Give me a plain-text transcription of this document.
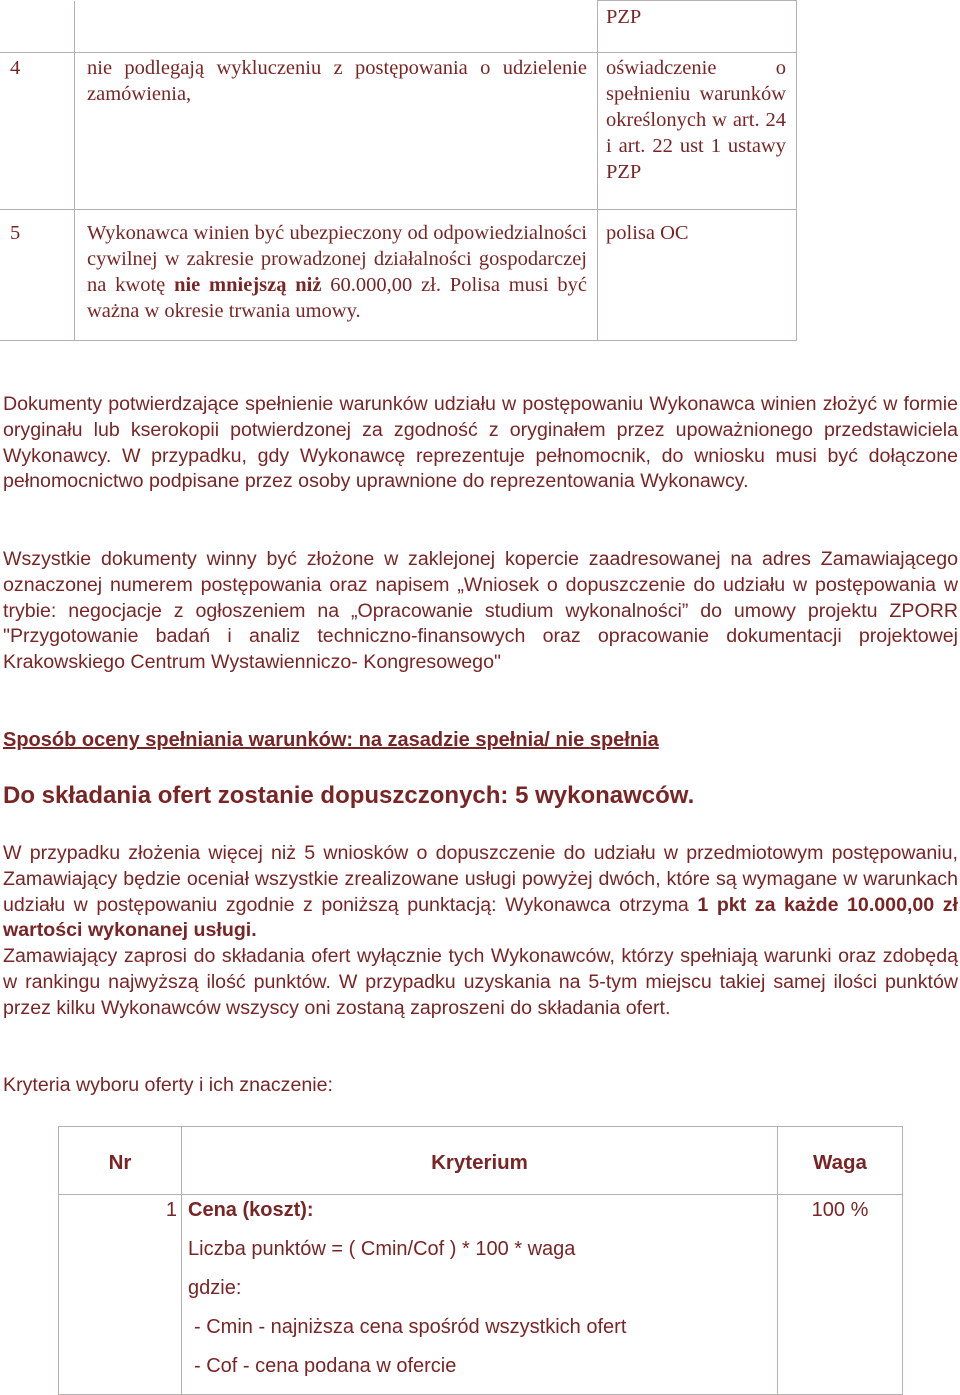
		PZP
4	nie podlegają wykluczeniu z postępowania o udzielenie zamówienia,	oświadczenie o spełnieniu warunków określonych w art. 24 i art. 22 ust 1 ustawy PZP
5	Wykonawca winien być ubezpieczony od odpowiedzialności cywilnej w zakresie prowadzonej działalności gospodarczej na kwotę nie mniejszą niż 60.000,00 zł. Polisa musi być ważna w okresie trwania umowy.	polisa OC

Dokumenty potwierdzające spełnienie warunków udziału w postępowaniu Wykonawca winien złożyć w formie oryginału lub kserokopii potwierdzonej za zgodność z oryginałem przez upoważnionego przedstawiciela Wykonawcy. W przypadku, gdy Wykonawcę reprezentuje pełnomocnik, do wniosku musi być dołączone pełnomocnictwo podpisane przez osoby uprawnione do reprezentowania Wykonawcy.

Wszystkie dokumenty winny być złożone w zaklejonej kopercie zaadresowanej na adres Zamawiającego oznaczonej numerem postępowania oraz napisem „Wniosek o dopuszczenie do udziału w postępowania w trybie: negocjacje z ogłoszeniem na „Opracowanie studium wykonalności” do umowy projektu ZPORR "Przygotowanie badań i analiz techniczno-finansowych oraz opracowanie dokumentacji projektowej Krakowskiego Centrum Wystawienniczo- Kongresowego"

Sposób oceny spełniania warunków: na zasadzie spełnia/ nie spełnia

Do składania ofert zostanie dopuszczonych: 5 wykonawców.

W przypadku złożenia więcej niż 5 wniosków o dopuszczenie do udziału w przedmiotowym postępowaniu, Zamawiający będzie oceniał wszystkie zrealizowane usługi powyżej dwóch, które są wymagane w warunkach udziału w postępowaniu zgodnie z poniższą punktacją: Wykonawca otrzyma 1 pkt za każde 10.000,00 zł wartości wykonanej usługi.
Zamawiający zaprosi do składania ofert wyłącznie tych Wykonawców, którzy spełniają warunki oraz zdobędą w rankingu najwyższą ilość punktów. W przypadku uzyskania na 5-tym miejscu takiej samej ilości punktów przez kilku Wykonawców wszyscy oni zostaną zaproszeni do składania ofert.

Kryteria wyboru oferty i ich znaczenie:

Nr	Kryterium	Waga
1	Cena (koszt):
Liczba punktów = ( Cmin/Cof ) * 100 * waga
gdzie:
- Cmin - najniższa cena spośród wszystkich ofert
- Cof - cena podana w ofercie	100 %
